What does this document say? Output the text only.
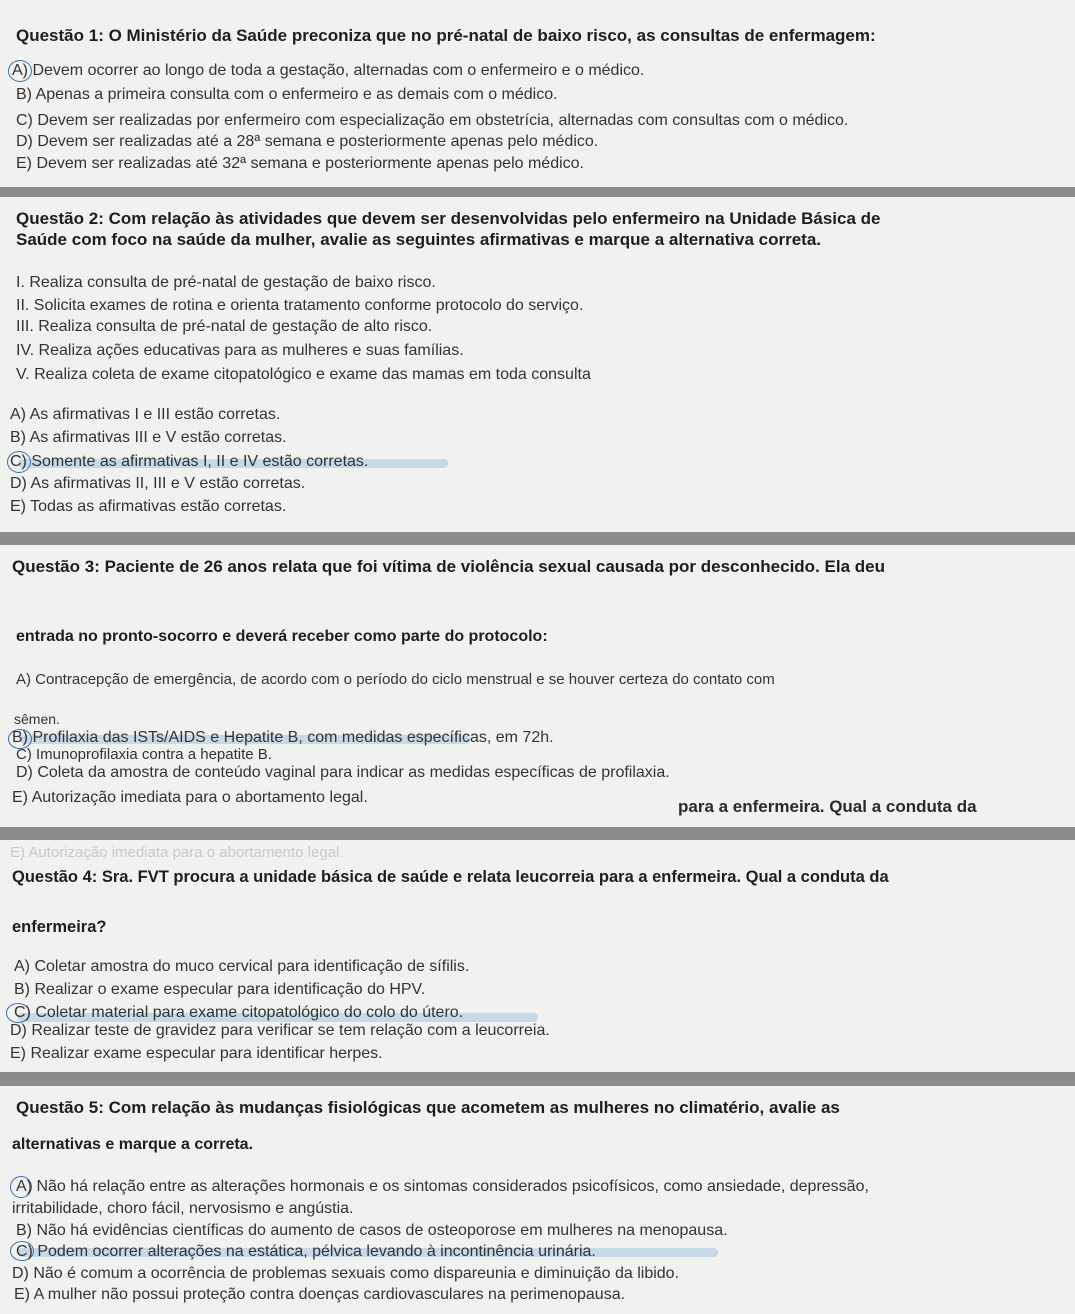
Questão 1: O Ministério da Saúde preconiza que no pré-natal de baixo risco, as consultas de enfermagem:
A) Devem ocorrer ao longo de toda a gestação, alternadas com o enfermeiro e o médico.
B) Apenas a primeira consulta com o enfermeiro e as demais com o médico.
C) Devem ser realizadas por enfermeiro com especialização em obstetrícia, alternadas com consultas com o médico.
D) Devem ser realizadas até a 28ª semana e posteriormente apenas pelo médico.
E) Devem ser realizadas até 32ª semana e posteriormente apenas pelo médico.
Questão 2: Com relação às atividades que devem ser desenvolvidas pelo enfermeiro na Unidade Básica de
Saúde com foco na saúde da mulher, avalie as seguintes afirmativas e marque a alternativa correta.
I. Realiza consulta de pré-natal de gestação de baixo risco.
II. Solicita exames de rotina e orienta tratamento conforme protocolo do serviço.
III. Realiza consulta de pré-natal de gestação de alto risco.
IV. Realiza ações educativas para as mulheres e suas famílias.
V. Realiza coleta de exame citopatológico e exame das mamas em toda consulta
A) As afirmativas I e III estão corretas.
B) As afirmativas III e V estão corretas.
C) Somente as afirmativas I, II e IV estão corretas.
D) As afirmativas II, III e V estão corretas.
E) Todas as afirmativas estão corretas.
Questão 3: Paciente de 26 anos relata que foi vítima de violência sexual causada por desconhecido. Ela deu
entrada no pronto-socorro e deverá receber como parte do protocolo:
A) Contracepção de emergência, de acordo com o período do ciclo menstrual e se houver certeza do contato com
sêmen.
B) Profilaxia das ISTs/AIDS e Hepatite B, com medidas específicas, em 72h.
C) Imunoprofilaxia contra a hepatite B.
D) Coleta da amostra de conteúdo vaginal para indicar as medidas específicas de profilaxia.
E) Autorização imediata para o abortamento legal.	para a enfermeira. Qual a conduta da
E) Autorização imediata para o abortamento legal.
Questão 4: Sra. FVT procura a unidade básica de saúde e relata leucorreia para a enfermeira. Qual a conduta da
enfermeira?
A) Coletar amostra do muco cervical para identificação de sífilis.
B) Realizar o exame especular para identificação do HPV.
C) Coletar material para exame citopatológico do colo do útero.
D) Realizar teste de gravidez para verificar se tem relação com a leucorreia.
E) Realizar exame especular para identificar herpes.
Questão 5: Com relação às mudanças fisiológicas que acometem as mulheres no climatério, avalie as
alternativas e marque a correta.
A) Não há relação entre as alterações hormonais e os sintomas considerados psicofísicos, como ansiedade, depressão,
irritabilidade, choro fácil, nervosismo e angústia.
B) Não há evidências científicas do aumento de casos de osteoporose em mulheres na menopausa.
C) Podem ocorrer alterações na estática, pélvica levando à incontinência urinária.
D) Não é comum a ocorrência de problemas sexuais como dispareunia e diminuição da libido.
E) A mulher não possui proteção contra doenças cardiovasculares na perimenopausa.
